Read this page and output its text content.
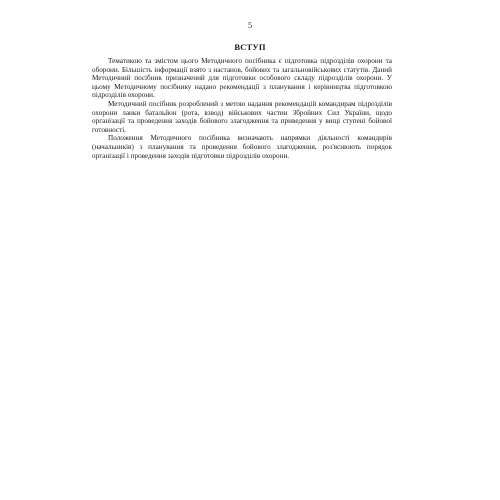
5
ВСТУП

Тематикою та змістом цього Методичного посібника є підготовка підрозділів охорони та оборони. Більшість інформації взято з настанов, бойових та загальновійськових статутів. Даний Методичний посібник призначений для підготовки особового складу підрозділів охорони. У цьому Методичному посібнику надано рекомендації з планування і керівництва підготовкою підрозділів охорони.

Методичний посібник розроблений з метою надання рекомендацій командирам підрозділів охорони ланки батальйон (рота, взвод) військових частин Збройних Сил України, щодо організації та проведення заходів бойового злагодження та приведення у вищі ступені бойової готовності.

Положення Методичного посібника визначають напрямки діяльності командирів (начальників) з планування та проведення бойового злагодження, роз'яснюють порядок організації і проведення заходів підготовки підрозділів охорони.
